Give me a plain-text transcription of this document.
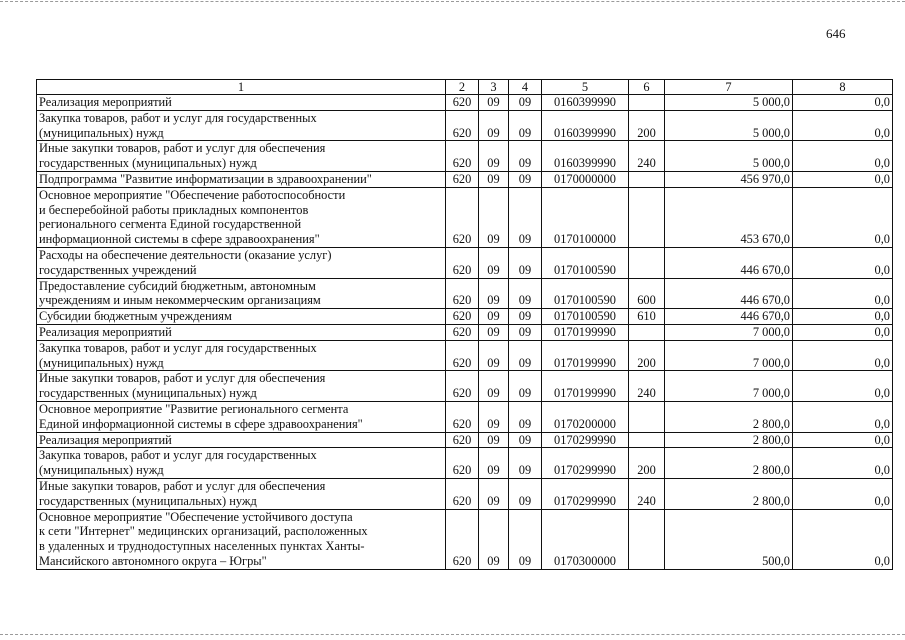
646
1	2	3	4	5	6	7	8
Реализация мероприятий	620	09	09	0160399990		5 000,0	0,0
Закупка товаров, работ и услуг для государственных
(муниципальных) нужд	620	09	09	0160399990	200	5 000,0	0,0
Иные закупки товаров, работ и услуг для обеспечения
государственных (муниципальных) нужд	620	09	09	0160399990	240	5 000,0	0,0
Подпрограмма "Развитие информатизации в здравоохранении"	620	09	09	0170000000		456 970,0	0,0
Основное мероприятие "Обеспечение работоспособности
и бесперебойной работы прикладных компонентов
регионального сегмента Единой государственной
информационной системы в сфере здравоохранения"	620	09	09	0170100000		453 670,0	0,0
Расходы на обеспечение деятельности (оказание услуг)
государственных учреждений	620	09	09	0170100590		446 670,0	0,0
Предоставление субсидий бюджетным, автономным
учреждениям и иным некоммерческим организациям	620	09	09	0170100590	600	446 670,0	0,0
Субсидии бюджетным учреждениям	620	09	09	0170100590	610	446 670,0	0,0
Реализация мероприятий	620	09	09	0170199990		7 000,0	0,0
Закупка товаров, работ и услуг для государственных
(муниципальных) нужд	620	09	09	0170199990	200	7 000,0	0,0
Иные закупки товаров, работ и услуг для обеспечения
государственных (муниципальных) нужд	620	09	09	0170199990	240	7 000,0	0,0
Основное мероприятие "Развитие регионального сегмента
Единой информационной системы в сфере здравоохранения"	620	09	09	0170200000		2 800,0	0,0
Реализация мероприятий	620	09	09	0170299990		2 800,0	0,0
Закупка товаров, работ и услуг для государственных
(муниципальных) нужд	620	09	09	0170299990	200	2 800,0	0,0
Иные закупки товаров, работ и услуг для обеспечения
государственных (муниципальных) нужд	620	09	09	0170299990	240	2 800,0	0,0
Основное мероприятие "Обеспечение устойчивого доступа
к сети "Интернет" медицинских организаций, расположенных
в удаленных и труднодоступных населенных пунктах Ханты-
Мансийского автономного округа – Югры"	620	09	09	0170300000		500,0	0,0
